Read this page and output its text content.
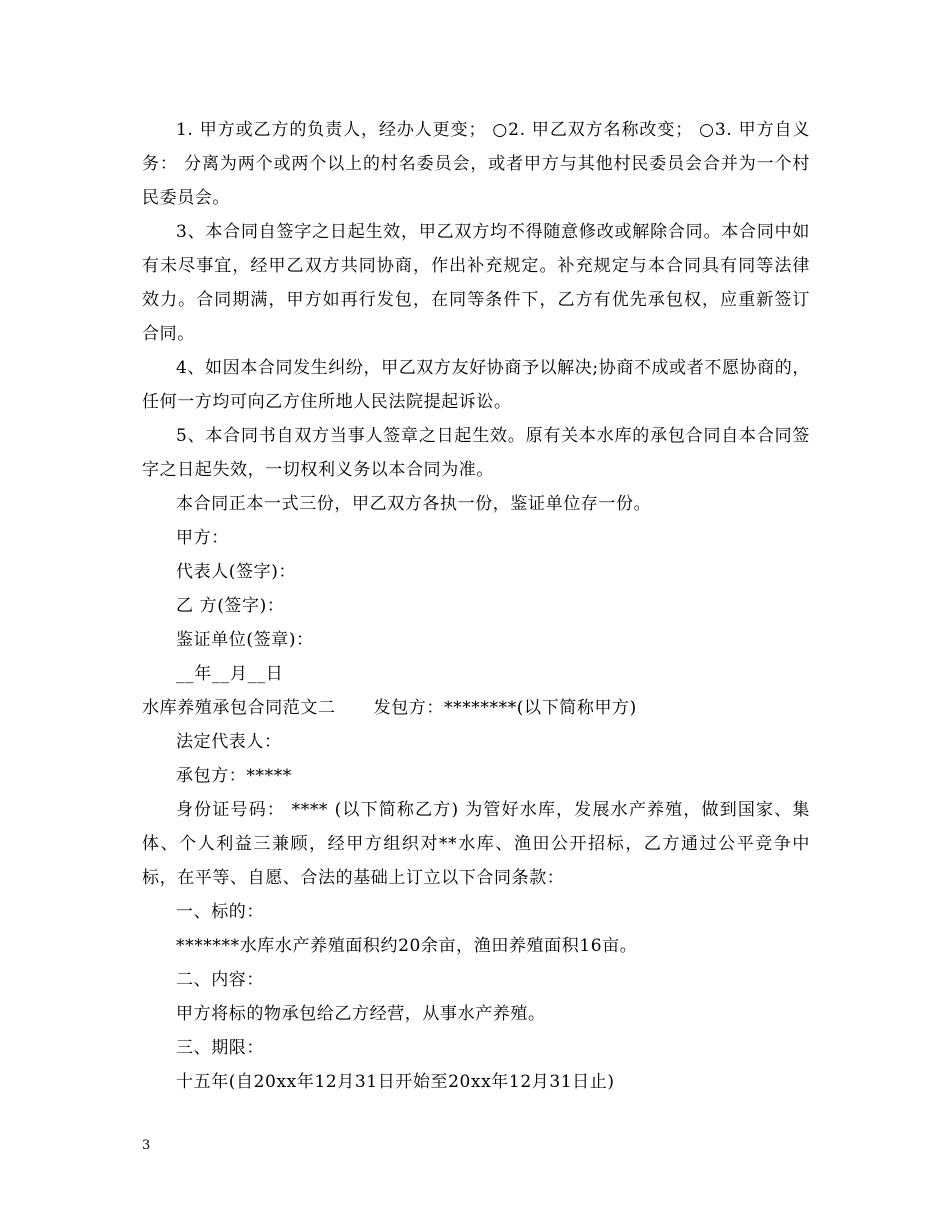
1. 甲方或乙方的负责人，经办人更变； ○2. 甲乙双方名称改变； ○3. 甲方自义务： 分离为两个或两个以上的村名委员会，或者甲方与其他村民委员会合并为一个村民委员会。

3、本合同自签字之日起生效，甲乙双方均不得随意修改或解除合同。本合同中如有未尽事宜，经甲乙双方共同协商，作出补充规定。补充规定与本合同具有同等法律效力。合同期满，甲方如再行发包，在同等条件下，乙方有优先承包权，应重新签订合同。

4、如因本合同发生纠纷，甲乙双方友好协商予以解决;协商不成或者不愿协商的，任何一方均可向乙方住所地人民法院提起诉讼。

5、本合同书自双方当事人签章之日起生效。原有关本水库的承包合同自本合同签字之日起失效，一切权利义务以本合同为准。

本合同正本一式三份，甲乙双方各执一份，鉴证单位存一份。

甲方：

代表人(签字)：

乙 方(签字)：

鉴证单位(签章)：

__年__月__日

水库养殖承包合同范文二 发包方：********(以下简称甲方)

法定代表人：

承包方：*****

身份证号码： **** (以下简称乙方) 为管好水库，发展水产养殖，做到国家、集体、个人利益三兼顾，经甲方组织对**水库、渔田公开招标，乙方通过公平竞争中标，在平等、自愿、合法的基础上订立以下合同条款：

一、标的：

*******水库水产养殖面积约20余亩，渔田养殖面积16亩。

二、内容：

甲方将标的物承包给乙方经营，从事水产养殖。

三、期限：

十五年(自20xx年12月31日开始至20xx年12月31日止)

3
